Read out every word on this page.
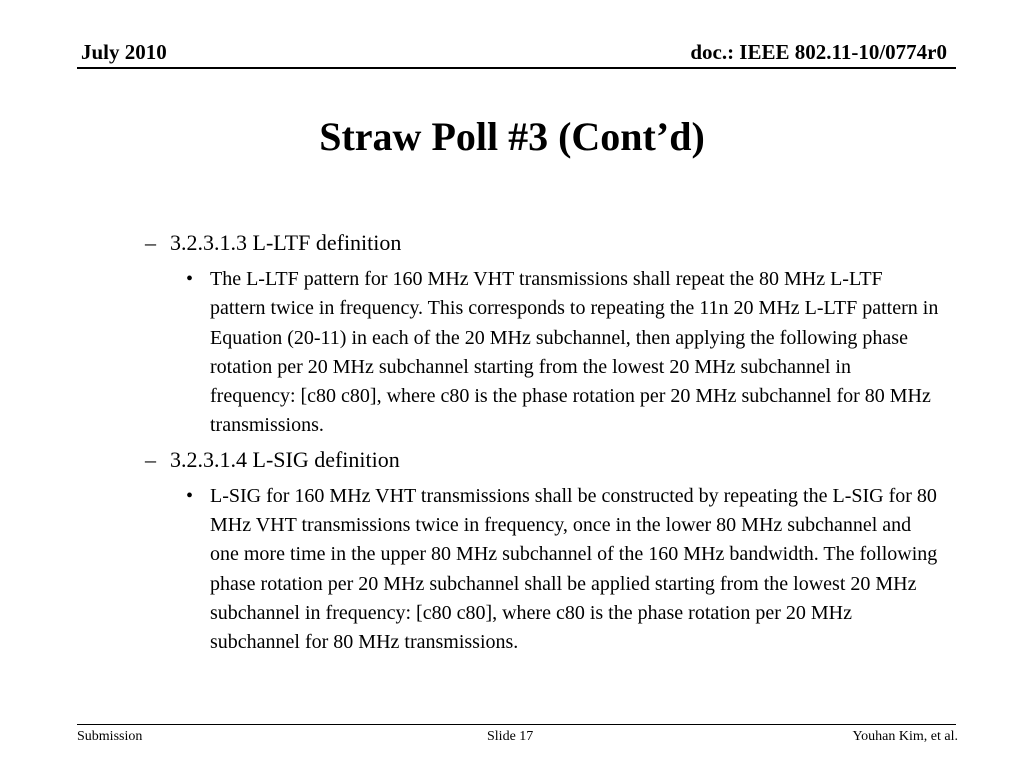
July 2010	doc.: IEEE 802.11-10/0774r0
Straw Poll #3 (Cont’d)
– 3.2.3.1.3 L-LTF definition
• The L-LTF pattern for 160 MHz VHT transmissions shall repeat the 80 MHz L-LTF pattern twice in frequency. This corresponds to repeating the 11n 20 MHz L-LTF pattern in Equation (20-11) in each of the 20 MHz subchannel, then applying the following phase rotation per 20 MHz subchannel starting from the lowest 20 MHz subchannel in frequency: [c80 c80], where c80 is the phase rotation per 20 MHz subchannel for 80 MHz transmissions.
– 3.2.3.1.4 L-SIG definition
• L-SIG for 160 MHz VHT transmissions shall be constructed by repeating the L-SIG for 80 MHz VHT transmissions twice in frequency, once in the lower 80 MHz subchannel and one more time in the upper 80 MHz subchannel of the 160 MHz bandwidth. The following phase rotation per 20 MHz subchannel shall be applied starting from the lowest 20 MHz subchannel in frequency: [c80 c80], where c80 is the phase rotation per 20 MHz subchannel for 80 MHz transmissions.
Submission	Slide 17	Youhan Kim, et al.
